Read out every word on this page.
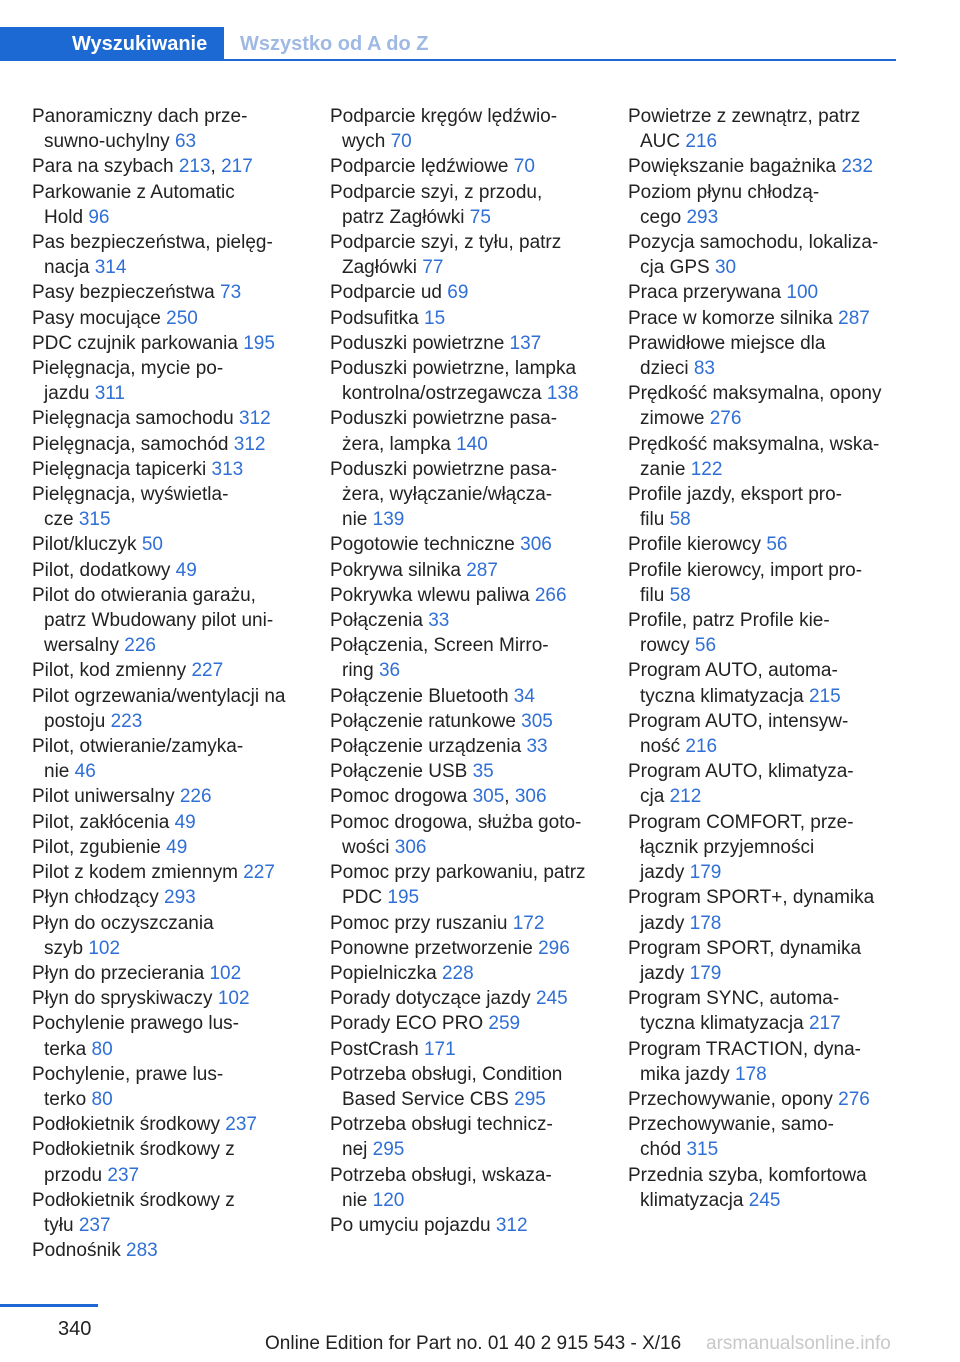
Wyszukiwanie	Wszystko od A do Z
Panoramiczny dach prze-
suwno-uchylny 63
Para na szybach 213, 217
Parkowanie z Automatic
Hold 96
Pas bezpieczeństwa, pielęg-
nacja 314
Pasy bezpieczeństwa 73
Pasy mocujące 250
PDC czujnik parkowania 195
Pielęgnacja, mycie po-
jazdu 311
Pielęgnacja samochodu 312
Pielęgnacja, samochód 312
Pielęgnacja tapicerki 313
Pielęgnacja, wyświetla-
cze 315
Pilot/kluczyk 50
Pilot, dodatkowy 49
Pilot do otwierania garażu,
patrz Wbudowany pilot uni-
wersalny 226
Pilot, kod zmienny 227
Pilot ogrzewania/wentylacji na
postoju 223
Pilot, otwieranie/zamyka-
nie 46
Pilot uniwersalny 226
Pilot, zakłócenia 49
Pilot, zgubienie 49
Pilot z kodem zmiennym 227
Płyn chłodzący 293
Płyn do oczyszczania
szyb 102
Płyn do przecierania 102
Płyn do spryskiwaczy 102
Pochylenie prawego lus-
terka 80
Pochylenie, prawe lus-
terko 80
Podłokietnik środkowy 237
Podłokietnik środkowy z
przodu 237
Podłokietnik środkowy z
tyłu 237
Podnośnik 283
Podparcie kręgów lędźwio-
wych 70
Podparcie lędźwiowe 70
Podparcie szyi, z przodu,
patrz Zagłówki 75
Podparcie szyi, z tyłu, patrz
Zagłówki 77
Podparcie ud 69
Podsufitka 15
Poduszki powietrzne 137
Poduszki powietrzne, lampka
kontrolna/ostrzegawcza 138
Poduszki powietrzne pasa-
żera, lampka 140
Poduszki powietrzne pasa-
żera, wyłączanie/włącza-
nie 139
Pogotowie techniczne 306
Pokrywa silnika 287
Pokrywka wlewu paliwa 266
Połączenia 33
Połączenia, Screen Mirro-
ring 36
Połączenie Bluetooth 34
Połączenie ratunkowe 305
Połączenie urządzenia 33
Połączenie USB 35
Pomoc drogowa 305, 306
Pomoc drogowa, służba goto-
wości 306
Pomoc przy parkowaniu, patrz
PDC 195
Pomoc przy ruszaniu 172
Ponowne przetworzenie 296
Popielniczka 228
Porady dotyczące jazdy 245
Porady ECO PRO 259
PostCrash 171
Potrzeba obsługi, Condition
Based Service CBS 295
Potrzeba obsługi technicz-
nej 295
Potrzeba obsługi, wskaza-
nie 120
Po umyciu pojazdu 312
Powietrze z zewnątrz, patrz
AUC 216
Powiększanie bagażnika 232
Poziom płynu chłodzą-
cego 293
Pozycja samochodu, lokaliza-
cja GPS 30
Praca przerywana 100
Prace w komorze silnika 287
Prawidłowe miejsce dla
dzieci 83
Prędkość maksymalna, opony
zimowe 276
Prędkość maksymalna, wska-
zanie 122
Profile jazdy, eksport pro-
filu 58
Profile kierowcy 56
Profile kierowcy, import pro-
filu 58
Profile, patrz Profile kie-
rowcy 56
Program AUTO, automa-
tyczna klimatyzacja 215
Program AUTO, intensyw-
ność 216
Program AUTO, klimatyza-
cja 212
Program COMFORT, prze-
łącznik przyjemności
jazdy 179
Program SPORT+, dynamika
jazdy 178
Program SPORT, dynamika
jazdy 179
Program SYNC, automa-
tyczna klimatyzacja 217
Program TRACTION, dyna-
mika jazdy 178
Przechowywanie, opony 276
Przechowywanie, samo-
chód 315
Przednia szyba, komfortowa
klimatyzacja 245
340
Online Edition for Part no. 01 40 2 915 543 - X/16 arsmanualsonline.info
